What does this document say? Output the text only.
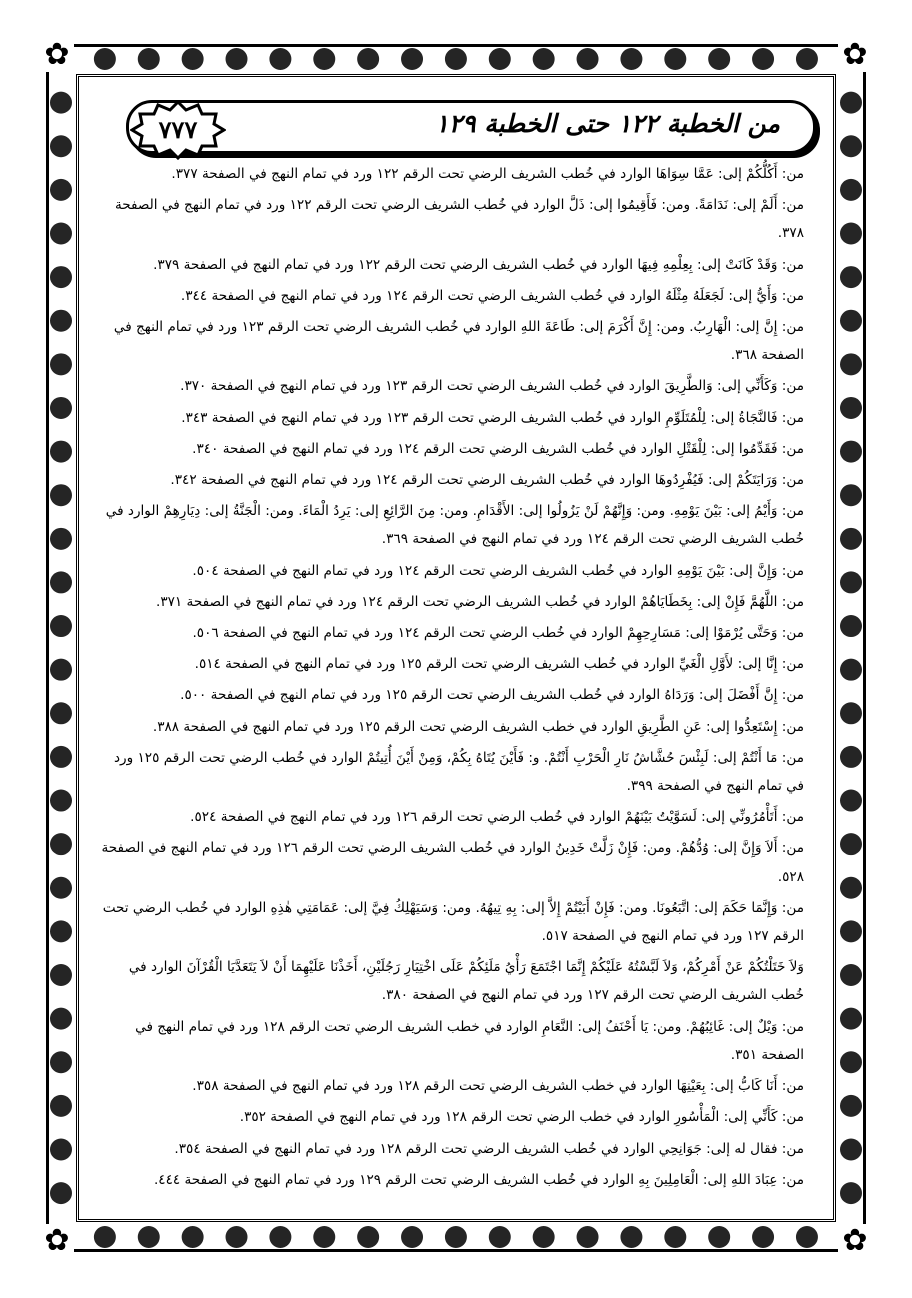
✿	✿
✿	✿
من الخطبة ١٢٢ حتى الخطبة ١٢٩
٧٧٧

من: أَكُلُّكُمْ إلى: عَمَّا سِوَاهَا الوارد في خُطب الشريف الرضي تحت الرقم ١٢٢ ورد في تمام النهج في الصفحة ٣٧٧.

من: أَلَمْ إلى: نَدَامَةً. ومن: فَأَقِيمُوا إلى: ذَلَّ الوارد في خُطب الشريف الرضي تحت الرقم ١٢٢ ورد في تمام النهج في الصفحة ٣٧٨.

من: وَقَدْ كَانَتْ إلى: بِعِلْمِهِ فِيهَا الوارد في خُطب الشريف الرضي تحت الرقم ١٢٢ ورد في تمام النهج في الصفحة ٣٧٩.

من: وَأَيُّ إلى: لَجَعَلَهُ مِثْلَهُ الوارد في خُطب الشريف الرضي تحت الرقم ١٢٤ ورد في تمام النهج في الصفحة ٣٤٤.

من: إِنَّ إلى: الْهَارِبُ. ومن: إِنَّ أَكْرَمَ إلى: طَاعَةَ اللهِ الوارد في خُطب الشريف الرضي تحت الرقم ١٢٣ ورد في تمام النهج في الصفحة ٣٦٨.

من: وَكَأَنِّي إلى: وَالطَّرِيقَ الوارد في خُطب الشريف الرضي تحت الرقم ١٢٣ ورد في تمام النهج في الصفحة ٣٧٠.

من: فَالنَّجَاةُ إلى: لِلْمُتَلَوِّمِ الوارد في خُطب الشريف الرضي تحت الرقم ١٢٣ ورد في تمام النهج في الصفحة ٣٤٣.

من: فَقَدِّمُوا إلى: لِلْقَتْلِ الوارد في خُطب الشريف الرضي تحت الرقم ١٢٤ ورد في تمام النهج في الصفحة ٣٤٠.

من: وَرَايَتَكُمْ إلى: فَيُفْرِدُوهَا الوارد في خُطب الشريف الرضي تحت الرقم ١٢٤ ورد في تمام النهج في الصفحة ٣٤٢.

من: وَأَيْمُ إلى: بَيْنَ يَوْمِهِ. ومن: وَإِنَّهُمْ لَنْ يَزُولُوا إلى: الأَقْدَامِ. ومن: مِنَ الرَّائِعِ إلى: يَرِدُ الْمَاءَ. ومن: الْجَنَّةُ إلى: دِيَارِهِمْ الوارد في خُطب الشريف الرضي تحت الرقم ١٢٤ ورد في تمام النهج في الصفحة ٣٦٩.

من: وَإِنَّ إلى: بَيْنَ يَوْمِهِ الوارد في خُطب الشريف الرضي تحت الرقم ١٢٤ ورد في تمام النهج في الصفحة ٥٠٤.

من: اللَّهُمَّ فَإِنْ إلى: بِخَطَايَاهُمْ الوارد في خُطب الشريف الرضي تحت الرقم ١٢٤ ورد في تمام النهج في الصفحة ٣٧١.

من: وَحَتَّى يُرْمَوْا إلى: مَسَارِحِهِمْ الوارد في خُطب الرضي تحت الرقم ١٢٤ ورد في تمام النهج في الصفحة ٥٠٦.

من: إِنَّا إلى: لأَوَّلِ الْغَيِّ الوارد في خُطب الشريف الرضي تحت الرقم ١٢٥ ورد في تمام النهج في الصفحة ٥١٤.

من: إِنَّ أَفْضَلَ إلى: وَرَدَاهُ الوارد في خُطب الشريف الرضي تحت الرقم ١٢٥ ورد في تمام النهج في الصفحة ٥٠٠.

من: إِسْتَعِدُّوا إلى: عَنِ الطَّرِيقِ الوارد في خطب الشريف الرضي تحت الرقم ١٢٥ ورد في تمام النهج في الصفحة ٣٨٨.

من: مَا أَنْتُمْ إلى: لَبِئْسَ حُشَّاشُ نَارِ الْحَرْبِ أَنْتُمْ. و: فَأَيْنَ يُتَاهُ بِكُمْ، وَمِنْ أَيْنَ أُتِيتُمْ الوارد في خُطب الرضي تحت الرقم ١٢٥ ورد في تمام النهج في الصفحة ٣٩٩.

من: أَتَأْمُرُونِّي إلى: لَسَوَّيْتُ بَيْنَهُمْ الوارد في خُطب الرضي تحت الرقم ١٢٦ ورد في تمام النهج في الصفحة ٥٢٤.

من: أَلاَ وَإِنَّ إلى: وُدُّهُمْ. ومن: فَإِنْ زَلَّتْ خَدِينُ الوارد في خُطب الشريف الرضي تحت الرقم ١٢٦ ورد في تمام النهج في الصفحة ٥٢٨.

من: وَإِنَّمَا حَكَمَ إلى: اتَّبَعُونَا. ومن: فَإِنْ أَبَيْتُمْ إِلاَّ إلى: بِهِ تِيهُهُ. ومن: وَسَيَهْلِكُ فِيَّ إلى: عَمَامَتِي هٰذِهِ الوارد في خُطب الرضي تحت الرقم ١٢٧ ورد في تمام النهج في الصفحة ٥١٧.

وَلاَ خَتَلْتُكُمْ عَنْ أَمْرِكُمْ، وَلاَ لَبَّسْتُهُ عَلَيْكُمْ إِنَّمَا اجْتَمَعَ رَأْيُ مَلَئِكُمْ عَلَى اخْتِيَارِ رَجُلَيْنِ، أَخَذْنَا عَلَيْهِمَا أَنْ لاَ يَتَعَدَّيَا الْقُرْآنَ الوارد في خُطب الشريف الرضي تحت الرقم ١٢٧ ورد في تمام النهج في الصفحة ٣٨٠.

من: وَيْلٌ إلى: غَائِبُهُمْ. ومن: يَا أَحْنَفُ إلى: النَّعَامِ الوارد في خطب الشريف الرضي تحت الرقم ١٢٨ ورد في تمام النهج في الصفحة ٣٥١.

من: أَنَا كَابُّ إلى: بِعَيْنِهَا الوارد في خطب الشريف الرضي تحت الرقم ١٢٨ ورد في تمام النهج في الصفحة ٣٥٨.

من: كَأَنِّي إلى: الْمَأْسُورِ الوارد في خطب الرضي تحت الرقم ١٢٨ ورد في تمام النهج في الصفحة ٣٥٢.

من: فقال له إلى: جَوَانِحِي الوارد في خُطب الشريف الرضي تحت الرقم ١٢٨ ورد في تمام النهج في الصفحة ٣٥٤.

من: عِبَادَ اللهِ إلى: الْعَامِلِينَ بِهِ الوارد في خُطب الشريف الرضي تحت الرقم ١٢٩ ورد في تمام النهج في الصفحة ٤٤٤.
